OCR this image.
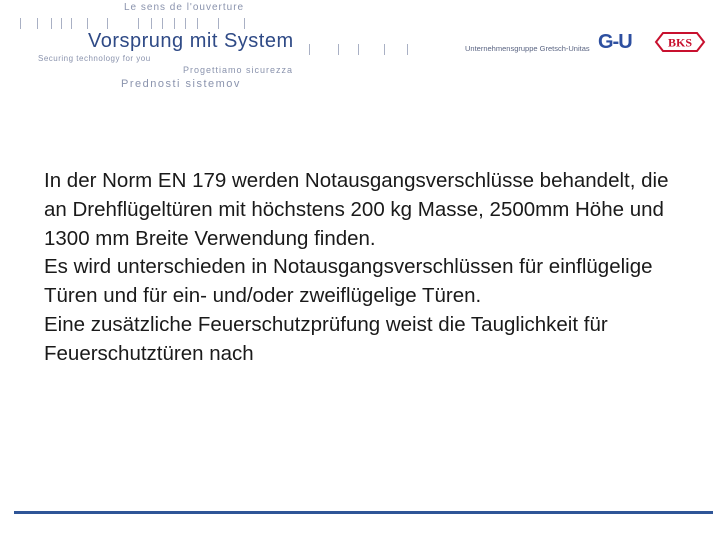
Le sens de l'ouverture
Vorsprung mit System
Securing technology for you
Progettiamo sicurezza
Prednosti sistemov
Unternehmensgruppe Gretsch-Unitas G-U	BKS

In der Norm EN 179 werden Notausgangsverschlüsse behandelt, die an Drehflügeltüren mit höchstens 200 kg Masse, 2500mm Höhe und 1300 mm Breite Verwendung finden.

Es wird unterschieden in Notausgangsverschlüssen für einflügelige Türen und für ein- und/oder zweiflügelige Türen.

Eine zusätzliche Feuerschutzprüfung weist die Tauglichkeit für Feuerschutztüren nach
